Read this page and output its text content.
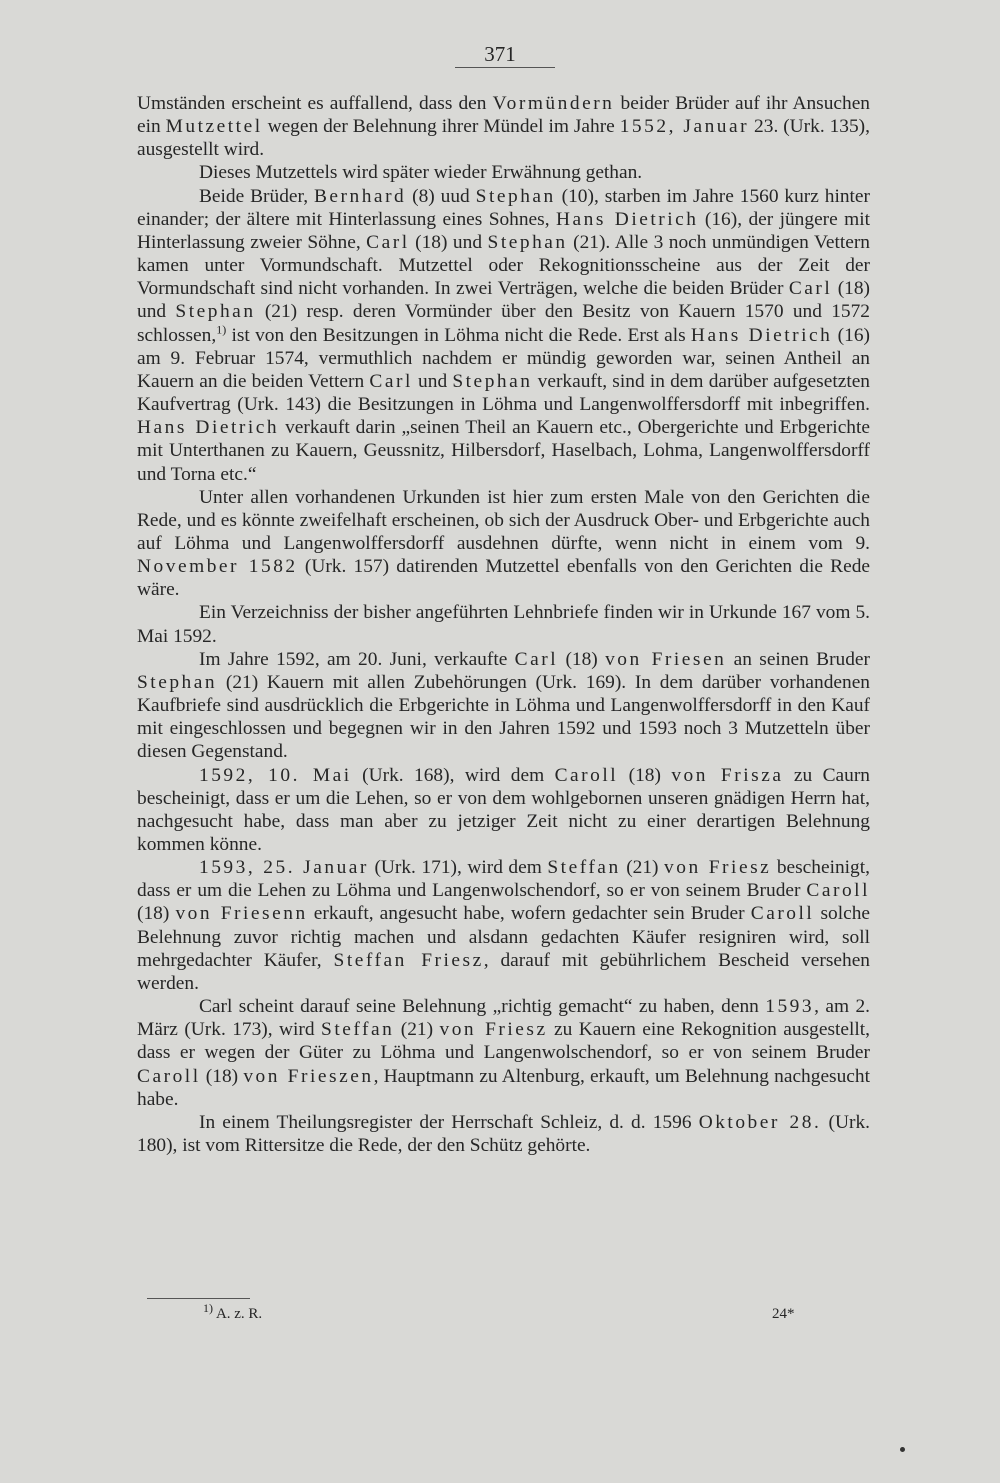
371

Umständen erscheint es auffallend, dass den Vormündern beider Brüder auf ihr Ansuchen ein Mutzettel wegen der Belehnung ihrer Mündel im Jahre 1552, Januar 23. (Urk. 135), ausgestellt wird.

Dieses Mutzettels wird später wieder Erwähnung gethan.

Beide Brüder, Bernhard (8) uud Stephan (10), starben im Jahre 1560 kurz hinter einander; der ältere mit Hinterlassung eines Sohnes, Hans Dietrich (16), der jüngere mit Hinterlassung zweier Söhne, Carl (18) und Stephan (21). Alle 3 noch unmündigen Vettern kamen unter Vormundschaft. Mutzettel oder Rekognitionsscheine aus der Zeit der Vormundschaft sind nicht vorhanden. In zwei Verträgen, welche die beiden Brüder Carl (18) und Stephan (21) resp. deren Vormünder über den Besitz von Kauern 1570 und 1572 schlossen,$^{1)}$ ist von den Besitzungen in Löhma nicht die Rede. Erst als Hans Dietrich (16) am 9. Februar 1574, vermuthlich nachdem er mündig geworden war, seinen Antheil an Kauern an die beiden Vettern Carl und Stephan verkauft, sind in dem darüber aufgesetzten Kaufvertrag (Urk. 143) die Besitzungen in Löhma und Langenwolffersdorff mit inbegriffen. Hans Dietrich verkauft darin „seinen Theil an Kauern etc., Obergerichte und Erbgerichte mit Unterthanen zu Kauern, Geussnitz, Hilbersdorf, Haselbach, Lohma, Langenwolffersdorff und Torna etc.“

Unter allen vorhandenen Urkunden ist hier zum ersten Male von den Gerichten die Rede, und es könnte zweifelhaft erscheinen, ob sich der Ausdruck Ober- und Erbgerichte auch auf Löhma und Langenwolffersdorff ausdehnen dürfte, wenn nicht in einem vom 9. November 1582 (Urk. 157) datirenden Mutzettel ebenfalls von den Gerichten die Rede wäre.

Ein Verzeichniss der bisher angeführten Lehnbriefe finden wir in Urkunde 167 vom 5. Mai 1592.

Im Jahre 1592, am 20. Juni, verkaufte Carl (18) von Friesen an seinen Bruder Stephan (21) Kauern mit allen Zubehörungen (Urk. 169). In dem darüber vorhandenen Kaufbriefe sind ausdrücklich die Erbgerichte in Löhma und Langenwolffersdorff in den Kauf mit eingeschlossen und begegnen wir in den Jahren 1592 und 1593 noch 3 Mutzetteln über diesen Gegenstand.

1592, 10. Mai (Urk. 168), wird dem Caroll (18) von Frisza zu Caurn bescheinigt, dass er um die Lehen, so er von dem wohlgebornen unseren gnädigen Herrn hat, nachgesucht habe, dass man aber zu jetziger Zeit nicht zu einer derartigen Belehnung kommen könne.

1593, 25. Januar (Urk. 171), wird dem Steffan (21) von Friesz bescheinigt, dass er um die Lehen zu Löhma und Langenwolschendorf, so er von seinem Bruder Caroll (18) von Friesenn erkauft, angesucht habe, wofern gedachter sein Bruder Caroll solche Belehnung zuvor richtig machen und alsdann gedachten Käufer resigniren wird, soll mehrgedachter Käufer, Steffan Friesz, darauf mit gebührlichem Bescheid versehen werden.

Carl scheint darauf seine Belehnung „richtig gemacht“ zu haben, denn 1593, am 2. März (Urk. 173), wird Steffan (21) von Friesz zu Kauern eine Rekognition ausgestellt, dass er wegen der Güter zu Löhma und Langenwolschendorf, so er von seinem Bruder Caroll (18) von Frieszen, Hauptmann zu Altenburg, erkauft, um Belehnung nachgesucht habe.

In einem Theilungsregister der Herrschaft Schleiz, d. d. 1596 Oktober 28. (Urk. 180), ist vom Rittersitze die Rede, der den Schütz gehörte.

$^{1)}$ A. z. R.	24*
